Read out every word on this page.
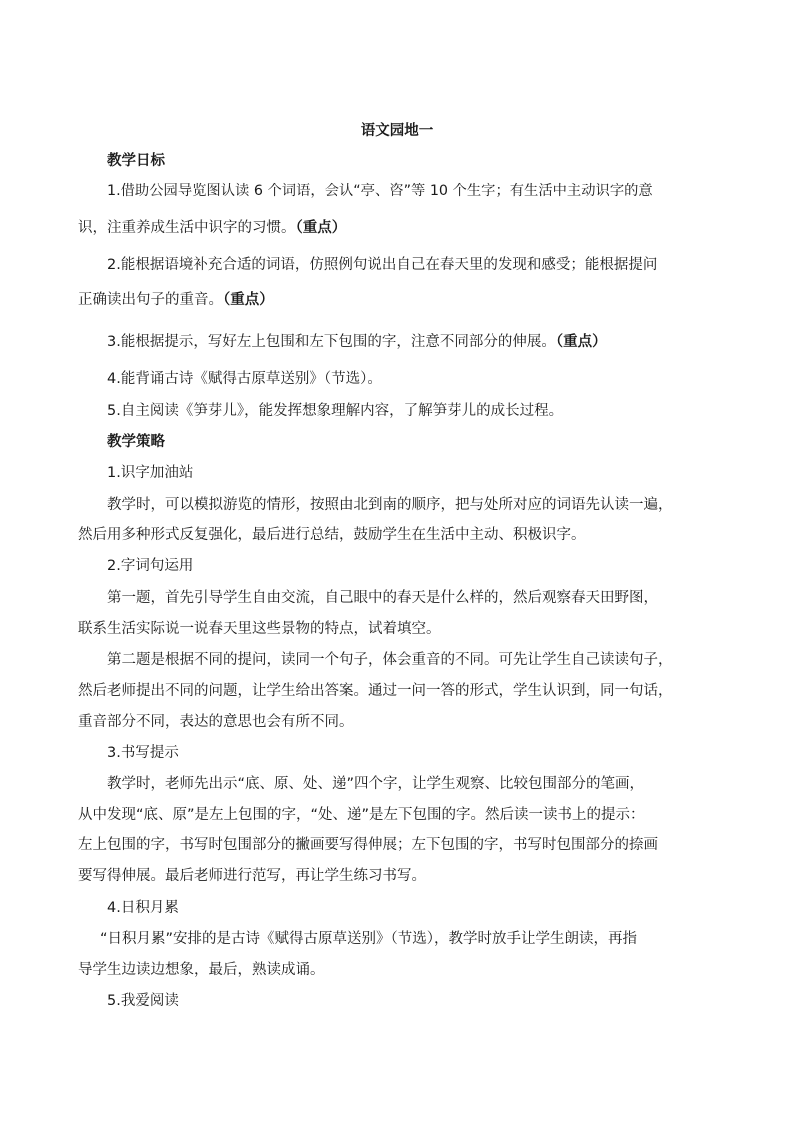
语文园地一
教学日标
1.借助公园导览图认读 6 个词语，会认“亭、咨”等 10 个生字；有生活中主动识字的意
识，注重养成生活中识字的习惯。（重点）
2.能根据语境补充合适的词语，仿照例句说出自己在春天里的发现和感受；能根据提问
正确读出句子的重音。（重点）
3.能根据提示，写好左上包围和左下包围的字，注意不同部分的伸展。（重点）
4.能背诵古诗《赋得古原草送别》（节选）。
5.自主阅读《笋芽儿》，能发挥想象理解内容，了解笋芽儿的成长过程。
教学策略
1.识字加油站
教学时，可以模拟游览的情形，按照由北到南的顺序，把与处所对应的词语先认读一遍，
然后用多种形式反复强化，最后进行总结，鼓励学生在生活中主动、积极识字。
2.字词句运用
第一题，首先引导学生自由交流，自己眼中的春天是什么样的，然后观察春天田野图，
联系生活实际说一说春天里这些景物的特点，试着填空。
第二题是根据不同的提问，读同一个句子，体会重音的不同。可先让学生自己读读句子，
然后老师提出不同的问题，让学生给出答案。通过一问一答的形式，学生认识到，同一句话，
重音部分不同，表达的意思也会有所不同。
3.书写提示
教学时，老师先出示“底、原、处、递”四个字，让学生观察、比较包围部分的笔画，
从中发现“底、原”是左上包围的字，“处、递”是左下包围的字。然后读一读书上的提示：
左上包围的字，书写时包围部分的撇画要写得伸展；左下包围的字，书写时包围部分的捺画
要写得伸展。最后老师进行范写，再让学生练习书写。
4.日积月累
“日积月累”安排的是古诗《赋得古原草送别》（节选），教学时放手让学生朗读，再指
导学生边读边想象，最后，熟读成诵。
5.我爱阅读
